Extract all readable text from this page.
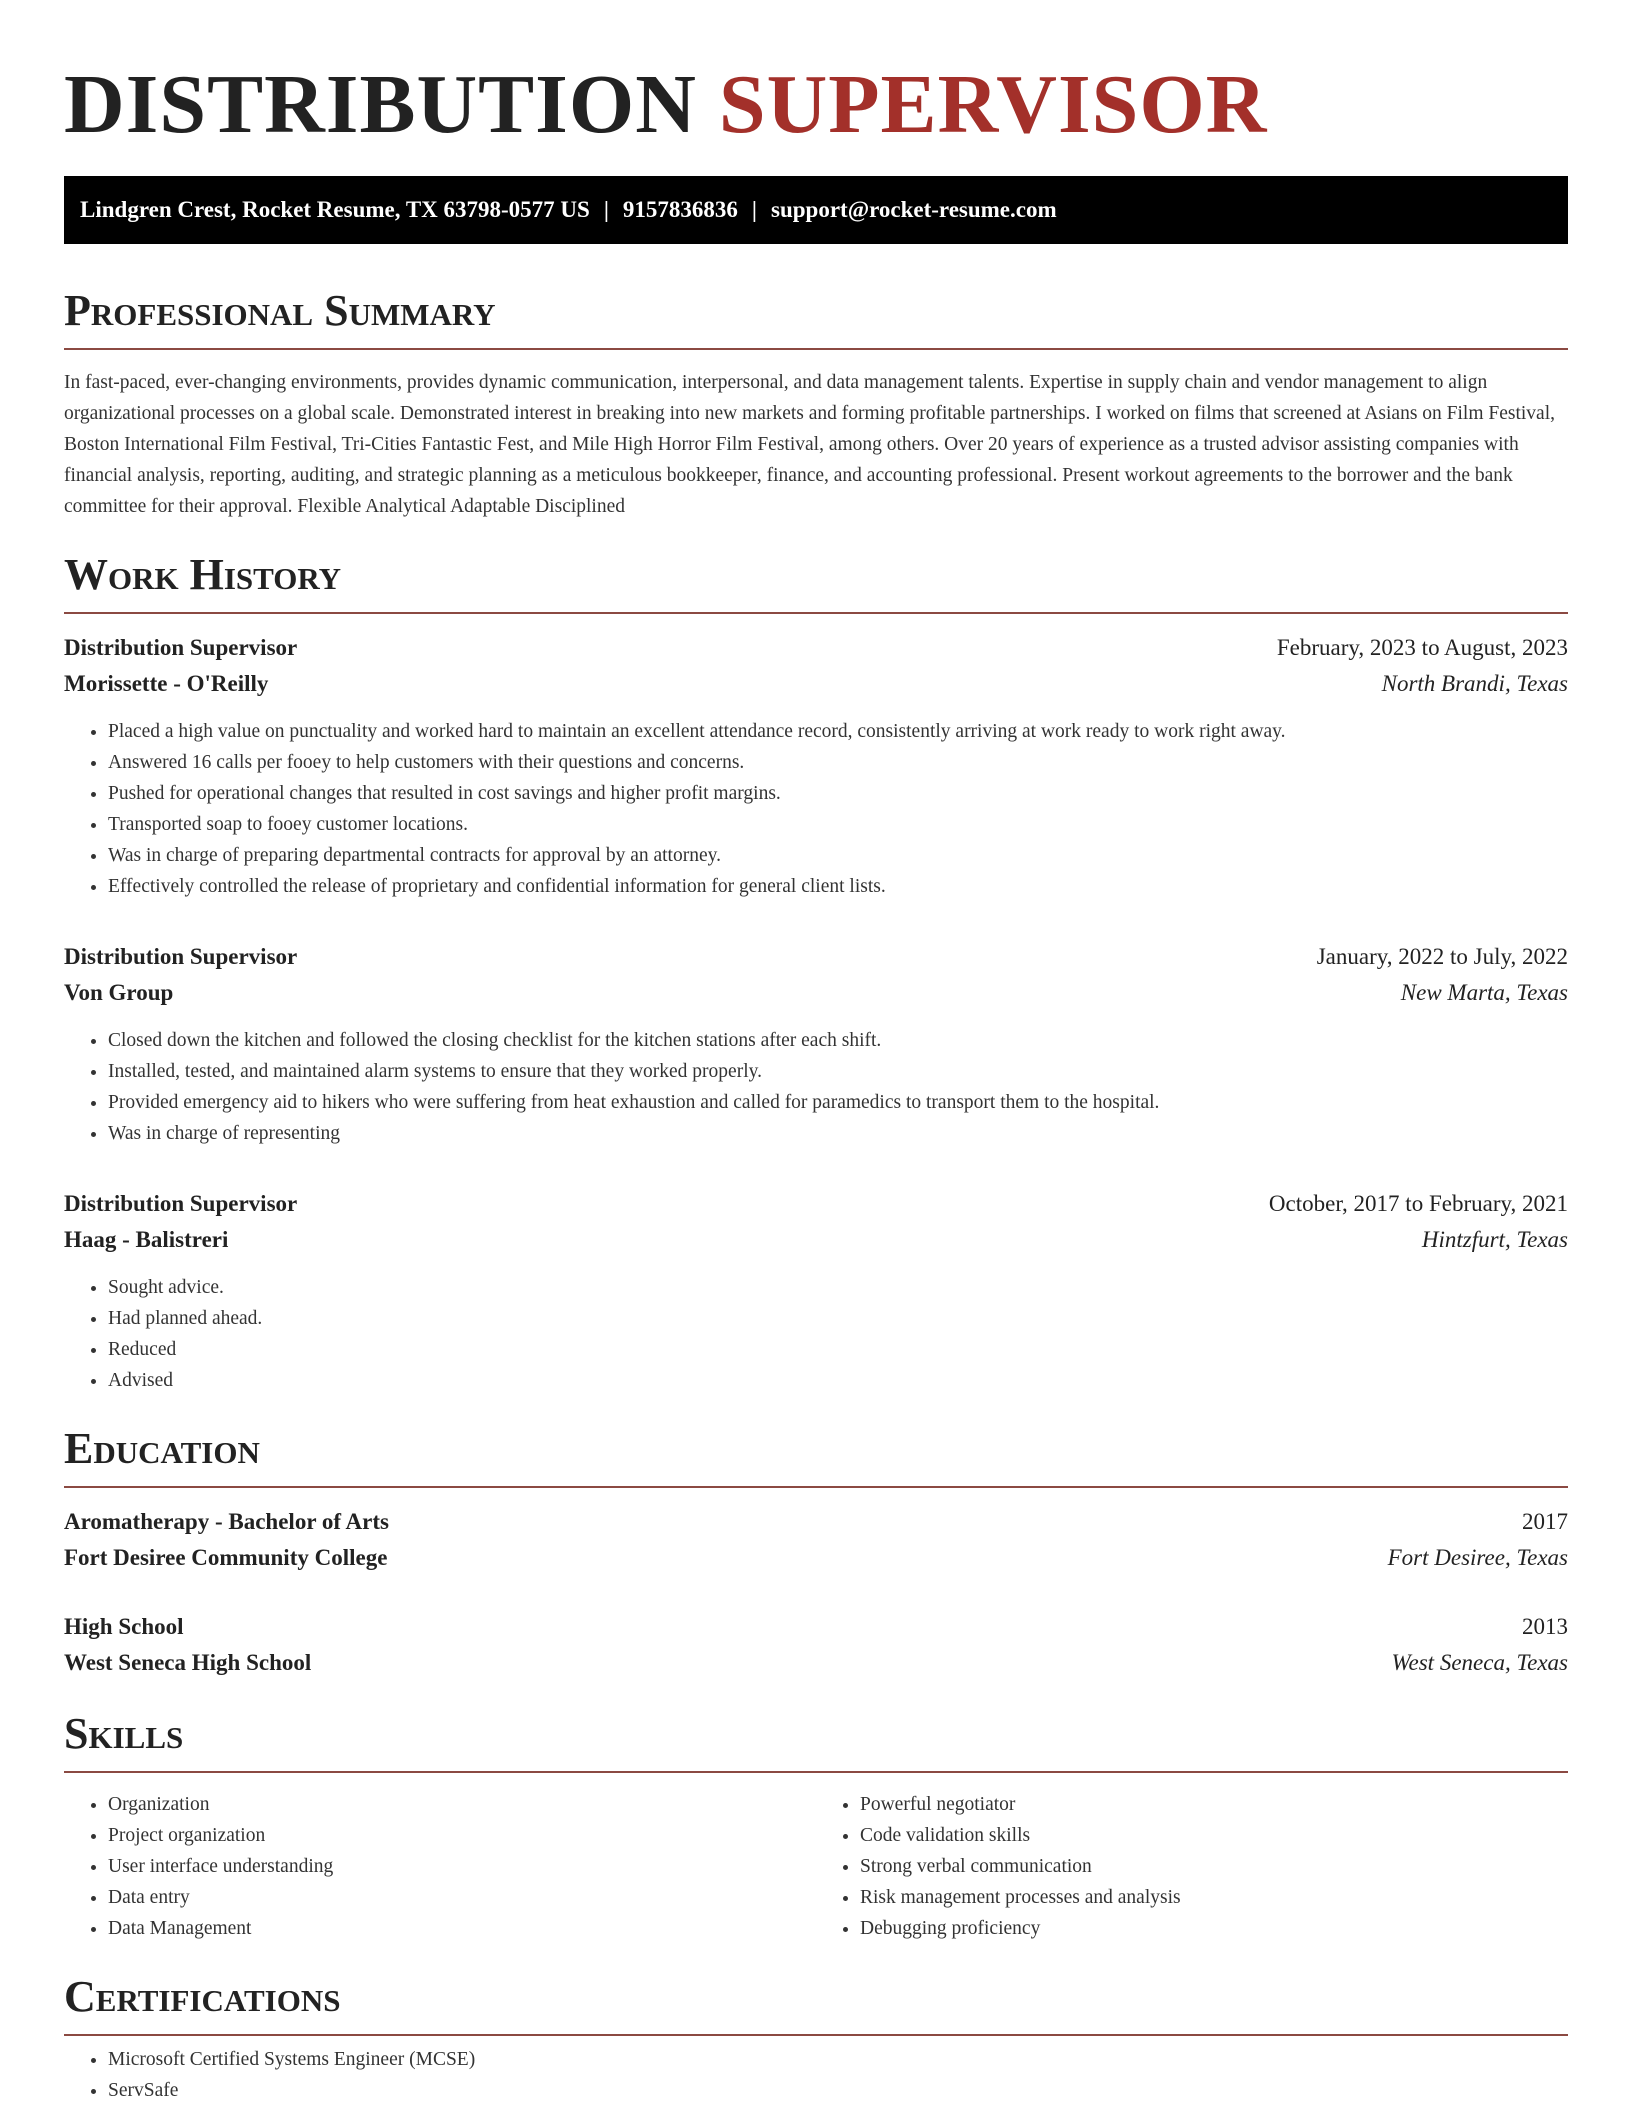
DISTRIBUTION SUPERVISOR
Lindgren Crest, Rocket Resume, TX 63798-0577 US | 9157836836 | support@rocket-resume.com
Professional Summary

In fast-paced, ever-changing environments, provides dynamic communication, interpersonal, and data management talents. Expertise in supply chain and vendor management to align organizational processes on a global scale. Demonstrated interest in breaking into new markets and forming profitable partnerships. I worked on films that screened at Asians on Film Festival, Boston International Film Festival, Tri-Cities Fantastic Fest, and Mile High Horror Film Festival, among others. Over 20 years of experience as a trusted advisor assisting companies with financial analysis, reporting, auditing, and strategic planning as a meticulous bookkeeper, finance, and accounting professional. Present workout agreements to the borrower and the bank committee for their approval. Flexible Analytical Adaptable Disciplined

Work History
Distribution Supervisor	February, 2023 to August, 2023
Morissette - O'Reilly	North Brandi, Texas
• Placed a high value on punctuality and worked hard to maintain an excellent attendance record, consistently arriving at work ready to work right away.
• Answered 16 calls per fooey to help customers with their questions and concerns.
• Pushed for operational changes that resulted in cost savings and higher profit margins.
• Transported soap to fooey customer locations.
• Was in charge of preparing departmental contracts for approval by an attorney.
• Effectively controlled the release of proprietary and confidential information for general client lists.
Distribution Supervisor	January, 2022 to July, 2022
Von Group	New Marta, Texas
• Closed down the kitchen and followed the closing checklist for the kitchen stations after each shift.
• Installed, tested, and maintained alarm systems to ensure that they worked properly.
• Provided emergency aid to hikers who were suffering from heat exhaustion and called for paramedics to transport them to the hospital.
• Was in charge of representing
Distribution Supervisor	October, 2017 to February, 2021
Haag - Balistreri	Hintzfurt, Texas
• Sought advice.
• Had planned ahead.
• Reduced
• Advised
Education
Aromatherapy - Bachelor of Arts	2017
Fort Desiree Community College	Fort Desiree, Texas
High School	2013
West Seneca High School	West Seneca, Texas
Skills
• Organization
• Project organization
• User interface understanding
• Data entry
• Data Management
• Powerful negotiator
• Code validation skills
• Strong verbal communication
• Risk management processes and analysis
• Debugging proficiency
Certifications
• Microsoft Certified Systems Engineer (MCSE)
• ServSafe
